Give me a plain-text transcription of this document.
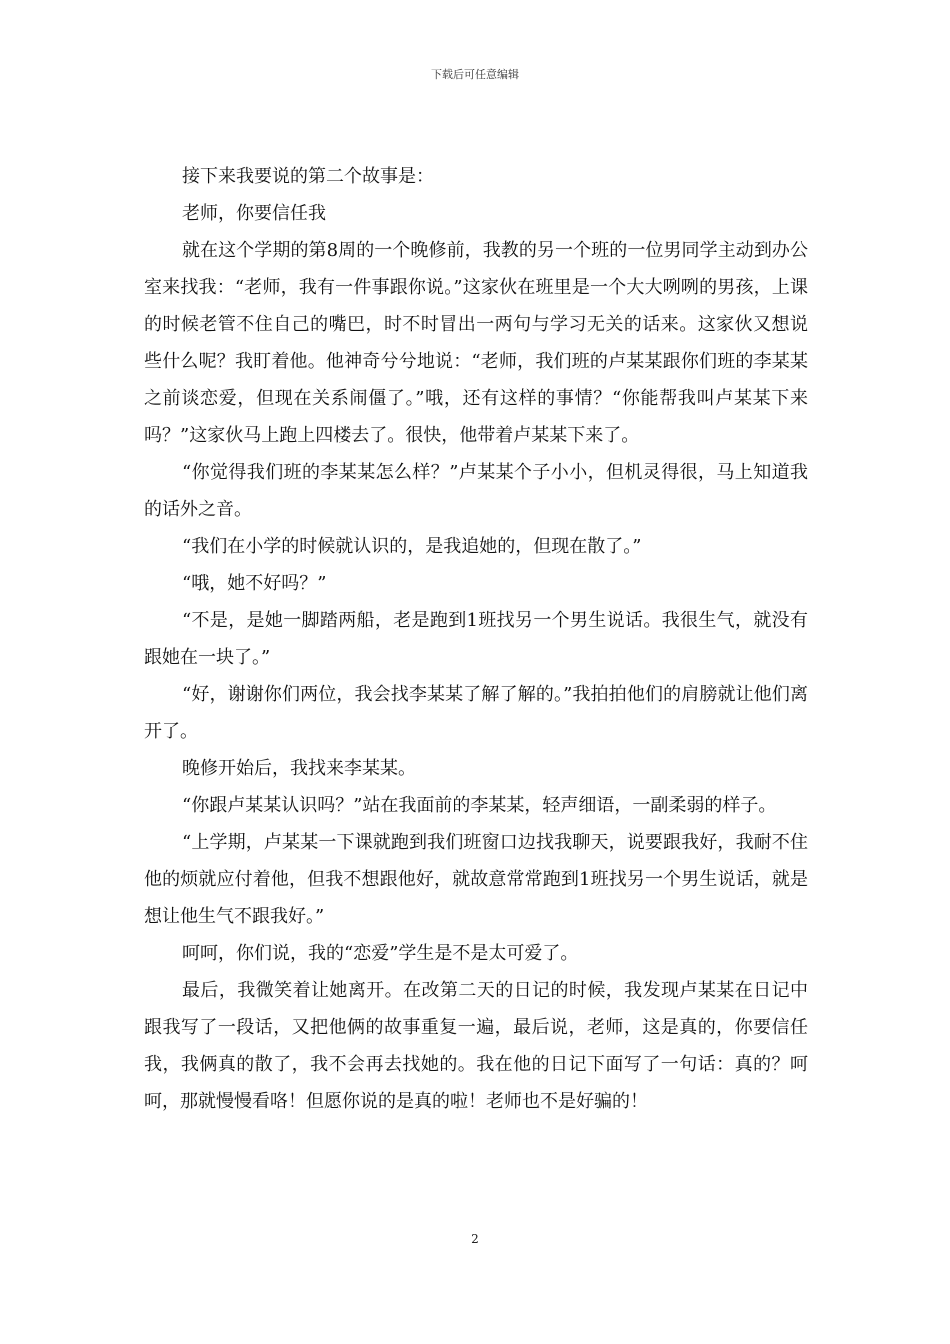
下载后可任意编辑

接下来我要说的第二个故事是：

老师，你要信任我

就在这个学期的第8周的一个晚修前，我教的另一个班的一位男同学主动到办公室来找我：“老师，我有一件事跟你说。”这家伙在班里是一个大大咧咧的男孩，上课的时候老管不住自己的嘴巴，时不时冒出一两句与学习无关的话来。这家伙又想说些什么呢？我盯着他。他神奇兮兮地说：“老师，我们班的卢某某跟你们班的李某某之前谈恋爱，但现在关系闹僵了。”哦，还有这样的事情？“你能帮我叫卢某某下来吗？”这家伙马上跑上四楼去了。很快，他带着卢某某下来了。

“你觉得我们班的李某某怎么样？”卢某某个子小小，但机灵得很，马上知道我的话外之音。

“我们在小学的时候就认识的，是我追她的，但现在散了。”

“哦，她不好吗？”

“不是，是她一脚踏两船，老是跑到1班找另一个男生说话。我很生气，就没有跟她在一块了。”

“好，谢谢你们两位，我会找李某某了解了解的。”我拍拍他们的肩膀就让他们离开了。

晚修开始后，我找来李某某。

“你跟卢某某认识吗？”站在我面前的李某某，轻声细语，一副柔弱的样子。

“上学期，卢某某一下课就跑到我们班窗口边找我聊天，说要跟我好，我耐不住他的烦就应付着他，但我不想跟他好，就故意常常跑到1班找另一个男生说话，就是想让他生气不跟我好。”

呵呵，你们说，我的“恋爱”学生是不是太可爱了。

最后，我微笑着让她离开。在改第二天的日记的时候，我发现卢某某在日记中跟我写了一段话，又把他俩的故事重复一遍，最后说，老师，这是真的，你要信任我，我俩真的散了，我不会再去找她的。我在他的日记下面写了一句话：真的？呵呵，那就慢慢看咯！但愿你说的是真的啦！老师也不是好骗的！

2
